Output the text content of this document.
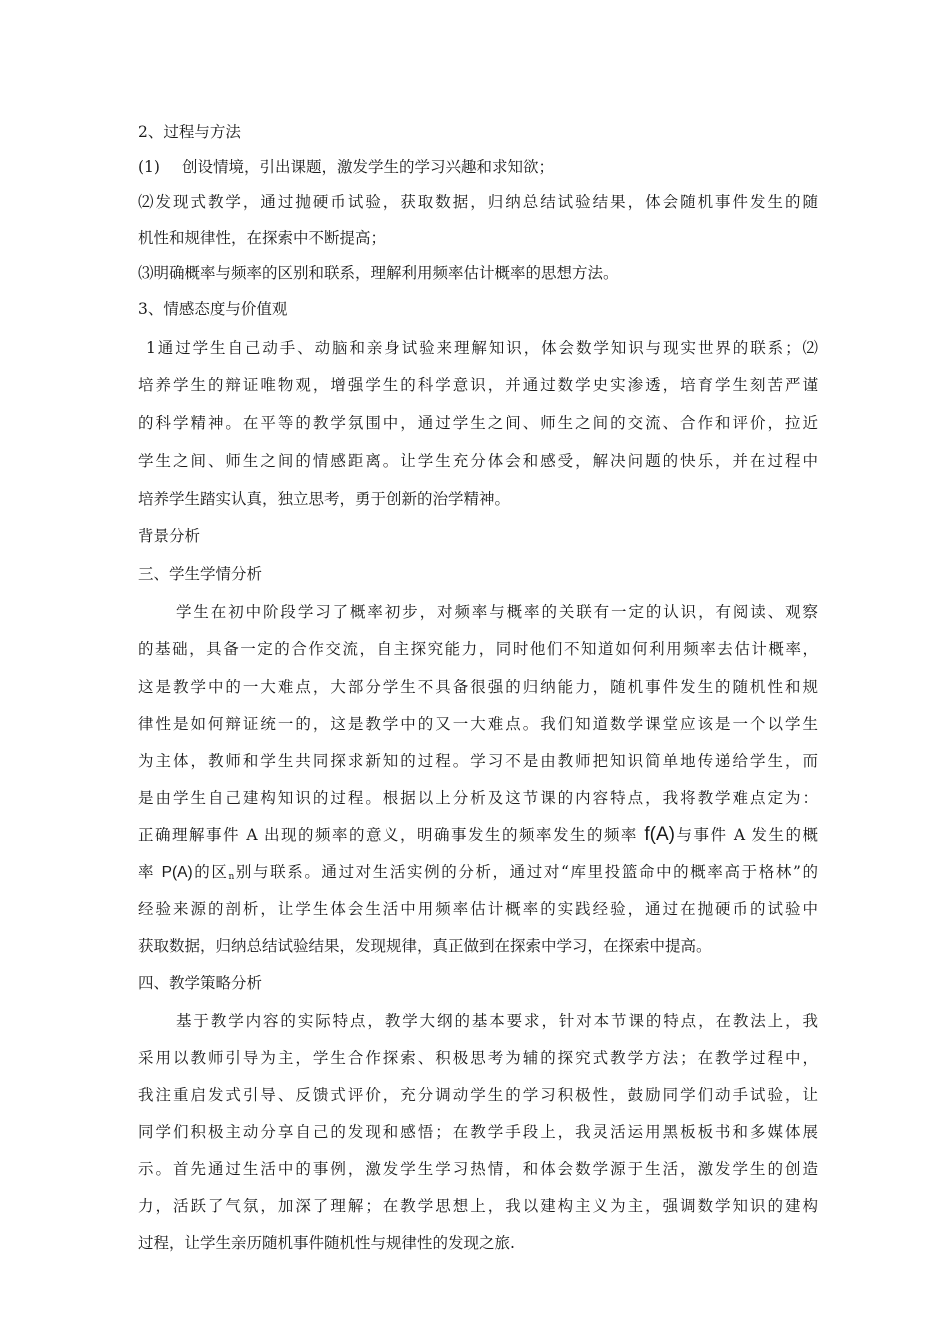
2、过程与方法
(1) 创设情境，引出课题，激发学生的学习兴趣和求知欲；
⑵发现式教学，通过抛硬币试验，获取数据，归纳总结试验结果，体会随机事件发生的随
机性和规律性，在探索中不断提高；
⑶明确概率与频率的区别和联系，理解利用频率估计概率的思想方法。
3、情感态度与价值观
1通过学生自己动手、动脑和亲身试验来理解知识，体会数学知识与现实世界的联系；⑵
培养学生的辩证唯物观，增强学生的科学意识，并通过数学史实渗透，培育学生刻苦严谨
的科学精神。在平等的教学氛围中，通过学生之间、师生之间的交流、合作和评价，拉近
学生之间、师生之间的情感距离。让学生充分体会和感受，解决问题的快乐，并在过程中
培养学生踏实认真，独立思考，勇于创新的治学精神。
背景分析
三、学生学情分析
学生在初中阶段学习了概率初步，对频率与概率的关联有一定的认识，有阅读、观察
的基础，具备一定的合作交流，自主探究能力，同时他们不知道如何利用频率去估计概率，
这是教学中的一大难点，大部分学生不具备很强的归纳能力，随机事件发生的随机性和规
律性是如何辩证统一的，这是教学中的又一大难点。我们知道数学课堂应该是一个以学生
为主体，教师和学生共同探求新知的过程。学习不是由教师把知识简单地传递给学生，而
是由学生自己建构知识的过程。根据以上分析及这节课的内容特点，我将教学难点定为：
正确理解事件 A 出现的频率的意义，明确事发生的频率发生的频率 f(A)与事件 A 发生的概
率 P(A)的区$_n$别与联系。通过对生活实例的分析，通过对“库里投篮命中的概率高于格林”的
经验来源的剖析，让学生体会生活中用频率估计概率的实践经验，通过在抛硬币的试验中
获取数据，归纳总结试验结果，发现规律，真正做到在探索中学习，在探索中提高。
四、教学策略分析
基于教学内容的实际特点，教学大纲的基本要求，针对本节课的特点，在教法上，我
采用以教师引导为主，学生合作探索、积极思考为辅的探究式教学方法；在教学过程中，
我注重启发式引导、反馈式评价，充分调动学生的学习积极性，鼓励同学们动手试验，让
同学们积极主动分享自己的发现和感悟；在教学手段上，我灵活运用黑板板书和多媒体展
示。首先通过生活中的事例，激发学生学习热情，和体会数学源于生活，激发学生的创造
力，活跃了气氛，加深了理解；在教学思想上，我以建构主义为主，强调数学知识的建构
过程，让学生亲历随机事件随机性与规律性的发现之旅.
